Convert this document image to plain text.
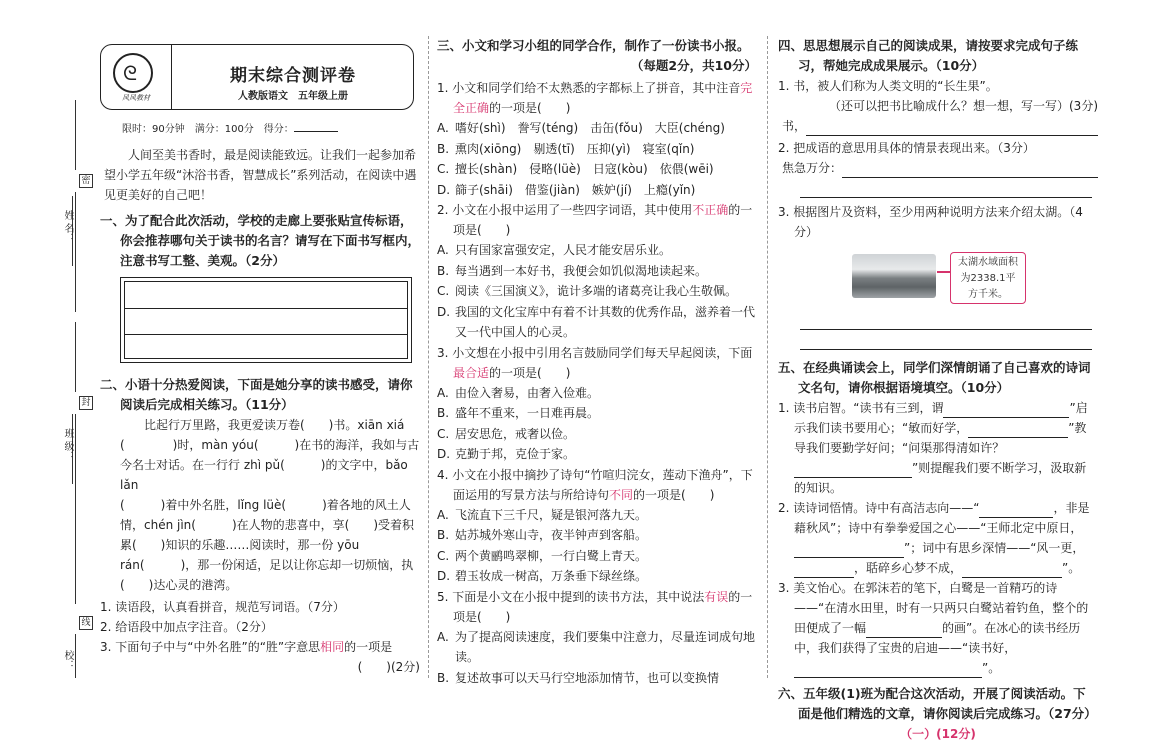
密
姓 名：
封
班 级：
线
校：
ᘓ
风风教材
期末综合测评卷
人教版语文　五年级上册
限时：90分钟　满分：100分　得分：

人间至美书香时，最是阅读能致远。让我们一起参加希望小学五年级“沐浴书香，智慧成长”系列活动，在阅读中遇见更美好的自己吧！

一、为了配合此次活动，学校的走廊上要张贴宣传标语，你会推荐哪句关于读书的名言？请写在下面书写框内，注意书写工整、美观。（2分）
二、小语十分热爱阅读，下面是她分享的读书感受，请你阅读后完成相关练习。（11分）

比起行万里路，我更爱读万卷(　　)书。xiān xiá

(　　　　)时，màn yóu(　　　)在书的海洋，我如与古今名士对话。在一行行 zhì pǔ(　　　)的文字中，bǎo lǎn

(　　　)着中外名胜，lǐng lüè(　　　)着各地的风土人情，chén jìn(　　　)在人物的悲喜中，享(　　)受着积累(　　)知识的乐趣……阅读时，那一份 yōu rán(　　　)，那一份闲适，足以让你忘却一切烦恼，执(　　)达心灵的港湾。

1. 读语段，认真看拼音，规范写词语。（7分）
2. 给语段中加点字注音。（2分）
3. 下面句子中与“中外名胜”的“胜”字意思相同的一项是
(　　)(2分)
三、小文和学习小组的同学合作，制作了一份读书小报。
（每题2分，共10分）
1. 小文和同学们给不太熟悉的字都标上了拼音，其中注音完全正确的一项是(　　)
A. 嗜好(shì)　誊写(téng)　击缶(fǒu)　大臣(chéng)
B. 熏肉(xiōng)　剔透(tī)　压抑(yì)　寝室(qǐn)
C. 擅长(shàn)　侵略(lüè)　日寇(kòu)　依偎(wēi)
D. 篩子(shāi)　借鉴(jiàn)　嫉妒(jí)　上瘾(yǐn)
2. 小文在小报中运用了一些四字词语，其中使用不正确的一项是(　　)
A. 只有国家富强安定，人民才能安居乐业。
B. 每当遇到一本好书，我便会如饥似渴地读起来。
C. 阅读《三国演义》，诡计多端的诸葛亮让我心生敬佩。
D. 我国的文化宝库中有着不计其数的优秀作品，滋养着一代又一代中国人的心灵。
3. 小文想在小报中引用名言鼓励同学们每天早起阅读，下面最合适的一项是(　　)
A. 由俭入奢易，由奢入俭难。
B. 盛年不重来，一日难再晨。
C. 居安思危，戒奢以俭。
D. 克勤于邦，克俭于家。
4. 小文在小报中摘抄了诗句“竹喧归浣女，莲动下渔舟”，下面运用的写景方法与所给诗句不同的一项是(　　)
A. 飞流直下三千尺，疑是银河落九天。
B. 姑苏城外寒山寺，夜半钟声到客船。
C. 两个黄鹂鸣翠柳，一行白鹭上青天。
D. 碧玉妆成一树高，万条垂下绿丝绦。
5. 下面是小文在小报中提到的读书方法，其中说法有误的一项是(　　)
A. 为了提高阅读速度，我们要集中注意力，尽量连词成句地读。
B. 复述故事可以天马行空地添加情节，也可以变换情
四、思思想展示自己的阅读成果，请按要求完成句子练习，帮她完成成果展示。（10分）
1. 书，被人们称为人类文明的“长生果”。
（还可以把书比喻成什么？想一想，写一写）(3分)
书，
2. 把成语的意思用具体的情景表现出来。（3分）
焦急万分：
3. 根据图片及资料，至少用两种说明方法来介绍太湖。（4分）
太湖水域面积为2338.1平方千米。
五、在经典诵读会上，同学们深情朗诵了自己喜欢的诗词文名句，请你根据语境填空。（10分）
1. 读书启智。“读书有三到，谓	”启示我们读书要用心；“敏而好学，	”教导我们要勤学好问；“问渠那得清如许？”则提醒我们要不断学习，汲取新的知识。
2. 读诗词悟情。诗中有高洁志向——“	，非是藉秋风”；诗中有拳拳爱国之心——“王师北定中原日，”；词中有思乡深情——“风一更，，聒碎乡心梦不成，	”。
3. 美文怡心。在郭沫若的笔下，白鹭是一首精巧的诗——“在清水田里，时有一只两只白鹭站着钓鱼，整个的田便成了一幅	的画”。在冰心的读书经历中，我们获得了宝贵的启迪——“读书好，”。
六、五年级(1)班为配合这次活动，开展了阅读活动。下面是他们精选的文章，请你阅读后完成练习。（27分）
（一）(12分)
